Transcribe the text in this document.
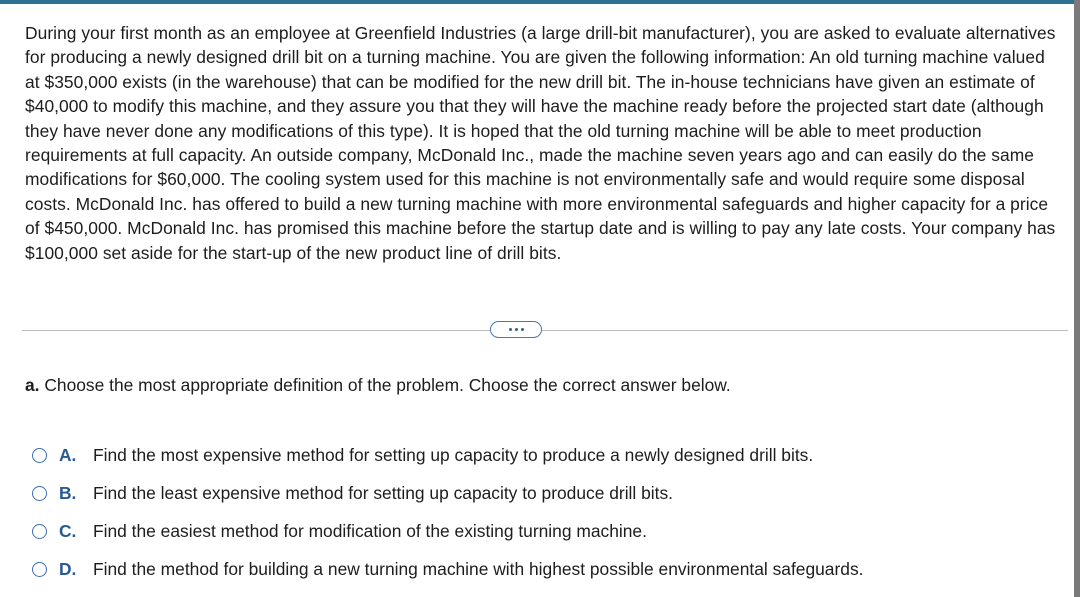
During your first month as an employee at Greenfield Industries (a large drill-bit manufacturer), you are asked to evaluate alternatives for producing a newly designed drill bit on a turning machine. You are given the following information: An old turning machine valued at $350,000 exists (in the warehouse) that can be modified for the new drill bit. The in-house technicians have given an estimate of $40,000 to modify this machine, and they assure you that they will have the machine ready before the projected start date (although they have never done any modifications of this type). It is hoped that the old turning machine will be able to meet production requirements at full capacity. An outside company, McDonald Inc., made the machine seven years ago and can easily do the same modifications for $60,000. The cooling system used for this machine is not environmentally safe and would require some disposal costs. McDonald Inc. has offered to build a new turning machine with more environmental safeguards and higher capacity for a price of $450,000. McDonald Inc. has promised this machine before the startup date and is willing to pay any late costs. Your company has $100,000 set aside for the start-up of the new product line of drill bits.

a. Choose the most appropriate definition of the problem. Choose the correct answer below.

A. Find the most expensive method for setting up capacity to produce a newly designed drill bits.
B. Find the least expensive method for setting up capacity to produce drill bits.
C. Find the easiest method for modification of the existing turning machine.
D. Find the method for building a new turning machine with highest possible environmental safeguards.
